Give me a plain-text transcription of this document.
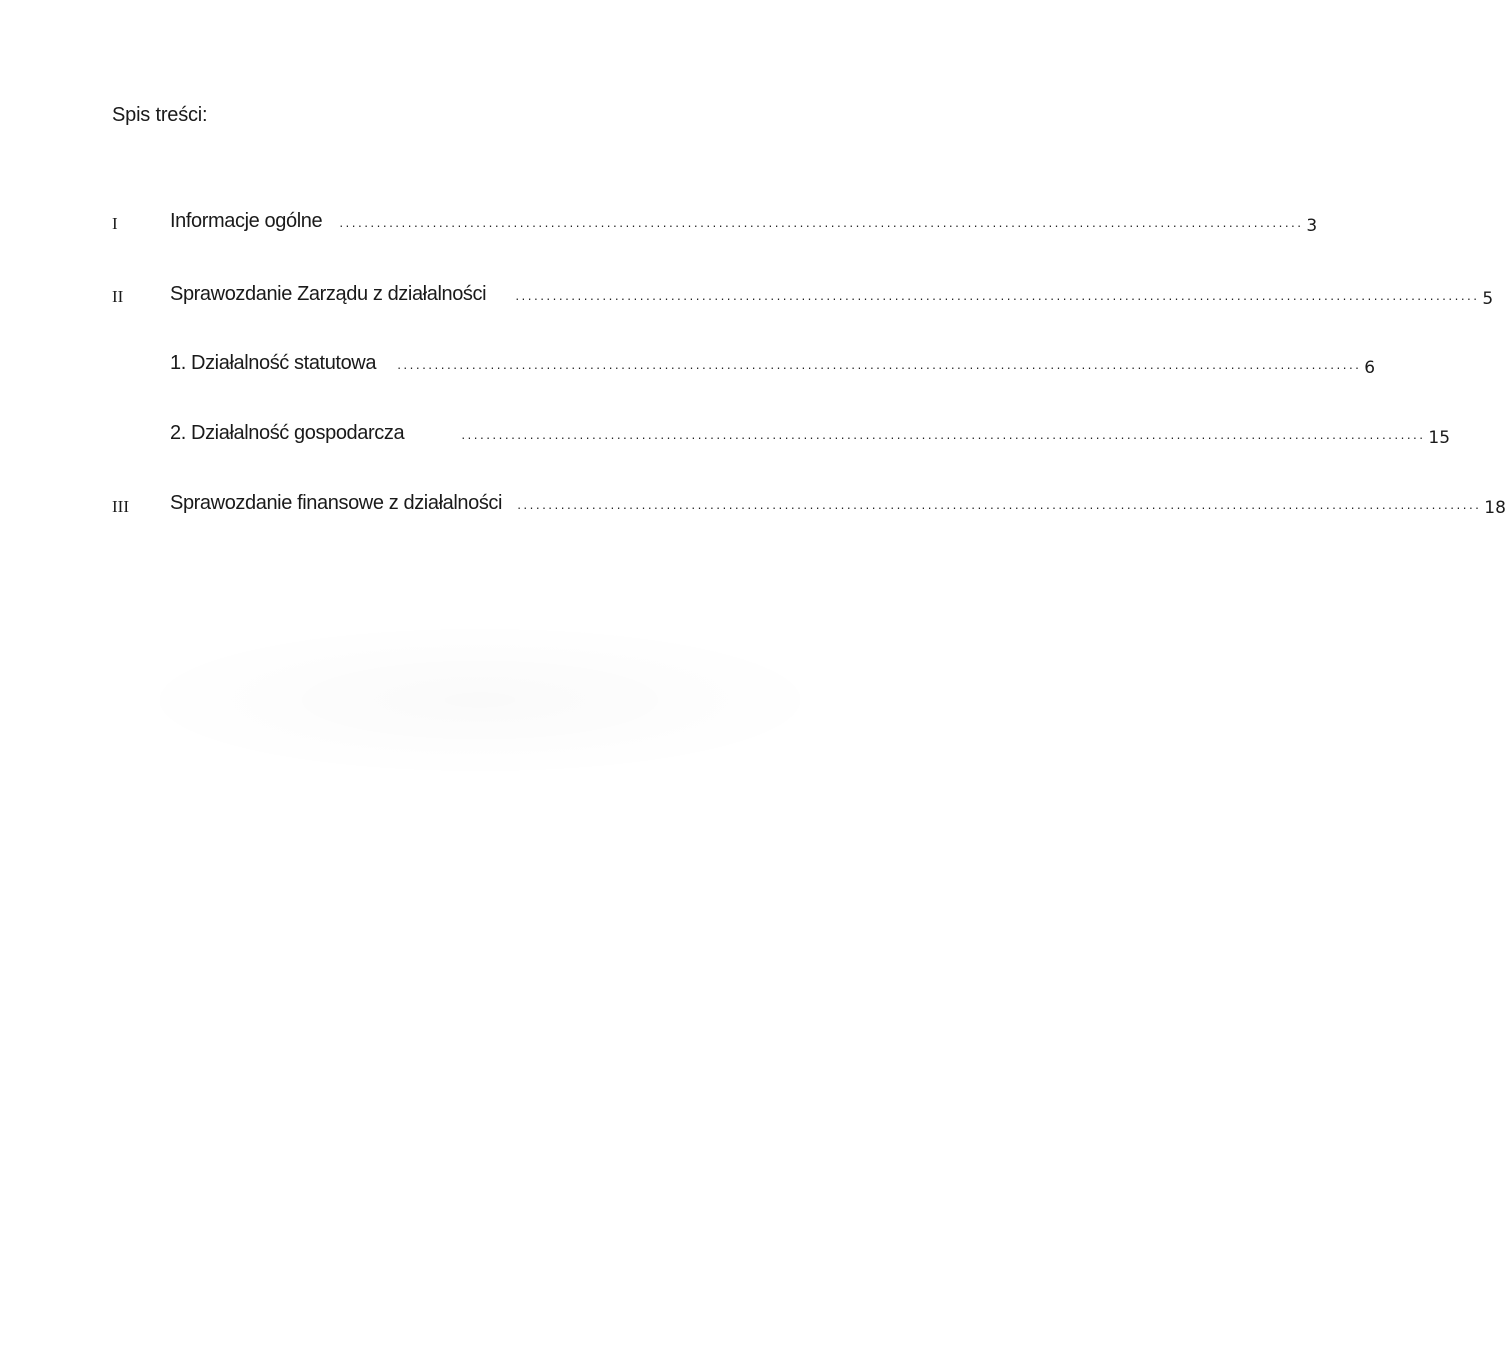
Spis treści:
I	Informacje ogólne ........................................................................................................................................................... 3
II Sprawozdanie Zarządu z działalności	........................................................................................................................................................... 5
1. Działalność statutowa ........................................................................................................................................................... 6
2. Działalność gospodarcza	........................................................................................................................................................... 15
III Sprawozdanie finansowe z działalności ........................................................................................................................................................... 18
